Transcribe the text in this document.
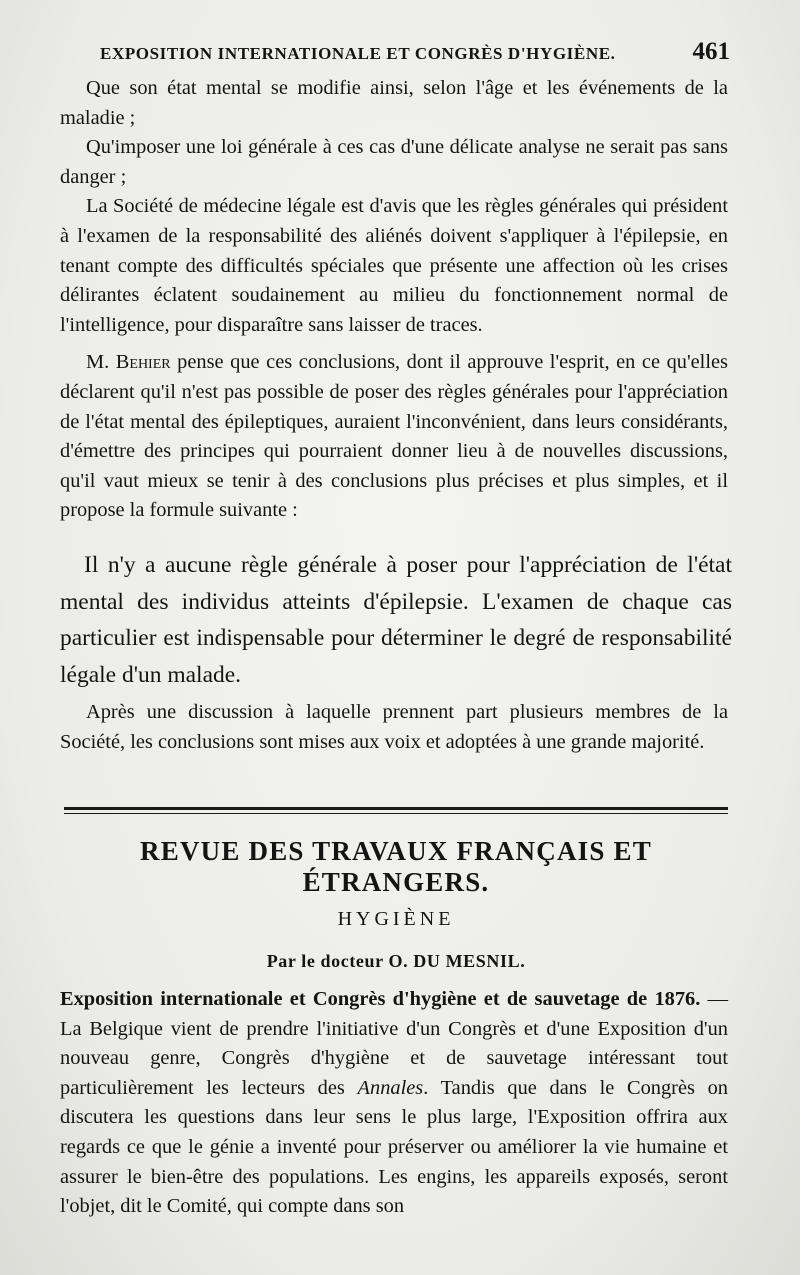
EXPOSITION INTERNATIONALE ET CONGRÈS D'HYGIÈNE.	461

Que son état mental se modifie ainsi, selon l'âge et les événements de la maladie ;

Qu'imposer une loi générale à ces cas d'une délicate analyse ne serait pas sans danger ;

La Société de médecine légale est d'avis que les règles générales qui président à l'examen de la responsabilité des aliénés doivent s'appliquer à l'épilepsie, en tenant compte des difficultés spéciales que présente une affection où les crises délirantes éclatent soudainement au milieu du fonctionnement normal de l'intelligence, pour disparaître sans laisser de traces.

M. Behier pense que ces conclusions, dont il approuve l'esprit, en ce qu'elles déclarent qu'il n'est pas possible de poser des règles générales pour l'appréciation de l'état mental des épileptiques, auraient l'inconvénient, dans leurs considérants, d'émettre des principes qui pourraient donner lieu à de nouvelles discussions, qu'il vaut mieux se tenir à des conclusions plus précises et plus simples, et il propose la formule suivante :

Il n'y a aucune règle générale à poser pour l'appréciation de l'état mental des individus atteints d'épilepsie. L'examen de chaque cas particulier est indispensable pour déterminer le degré de responsabilité légale d'un malade.
Après une discussion à laquelle prennent part plusieurs membres de la Société, les conclusions sont mises aux voix et adoptées à une grande majorité.
REVUE DES TRAVAUX FRANÇAIS ET ÉTRANGERS.
HYGIÈNE
Par le docteur O. DU MESNIL.
Exposition internationale et Congrès d'hygiène et de sauvetage de 1876. — La Belgique vient de prendre l'initiative d'un Congrès et d'une Exposition d'un nouveau genre, Congrès d'hygiène et de sauvetage intéressant tout particulièrement les lecteurs des Annales. Tandis que dans le Congrès on discutera les questions dans leur sens le plus large, l'Exposition offrira aux regards ce que le génie a inventé pour préserver ou améliorer la vie humaine et assurer le bien-être des populations. Les engins, les appareils exposés, seront l'objet, dit le Comité, qui compte dans son
